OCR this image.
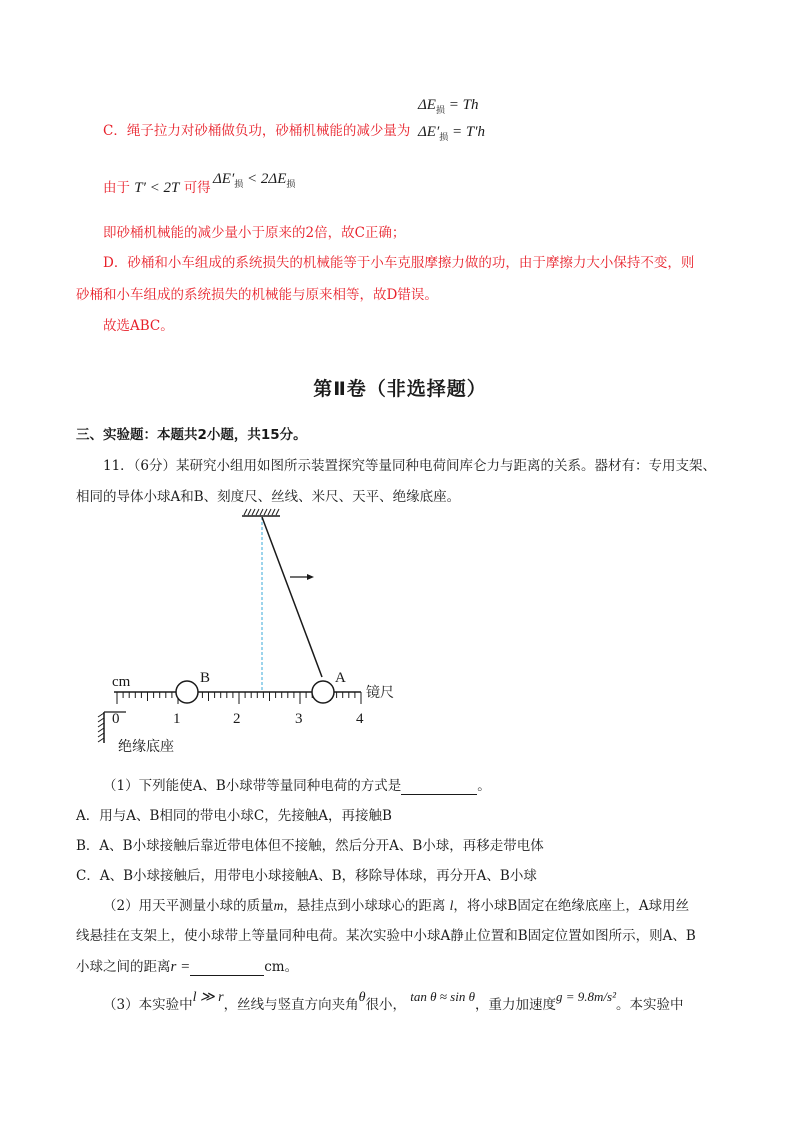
C．绳子拉力对砂桶做负功，砂桶机械能的减少量为
$\Delta E_损 = Th$
$\Delta E'_损 = T'h$
由于 T′ < 2T 可得
$\Delta E'_损 < 2\Delta E_损$
即砂桶机械能的减少量小于原来的2倍，故C正确；
D．砂桶和小车组成的系统损失的机械能等于小车克服摩擦力做的功，由于摩擦力大小保持不变，则
砂桶和小车组成的系统损失的机械能与原来相等，故D错误。
故选ABC。
第Ⅱ卷（非选择题）
三、实验题：本题共2小题，共15分。
11．（6分）某研究小组用如图所示装置探究等量同种电荷间库仑力与距离的关系。器材有：专用支架、
相同的导体小球A和B、刻度尺、丝线、米尺、天平、绝缘底座。
B	A
cm
镜尺
0	1	2	3	4
绝缘底座
（1）下列能使A、B小球带等量同种电荷的方式是	。
A．用与A、B相同的带电小球C，先接触A，再接触B
B．A、B小球接触后靠近带电体但不接触，然后分开A、B小球，再移走带电体
C．A、B小球接触后，用带电小球接触A、B，移除导体球，再分开A、B小球
（2）用天平测量小球的质量m，悬挂点到小球球心的距离 l，将小球B固定在绝缘底座上，A球用丝
线悬挂在支架上，使小球带上等量同种电荷。某次实验中小球A静止位置和B固定位置如图所示，则A、B
小球之间的距离r =	cm。
（3）本实验中l ≫ r，丝线与竖直方向夹角θ很小， tan θ ≈ sin θ，重力加速度g = 9.8m/s²。本实验中
